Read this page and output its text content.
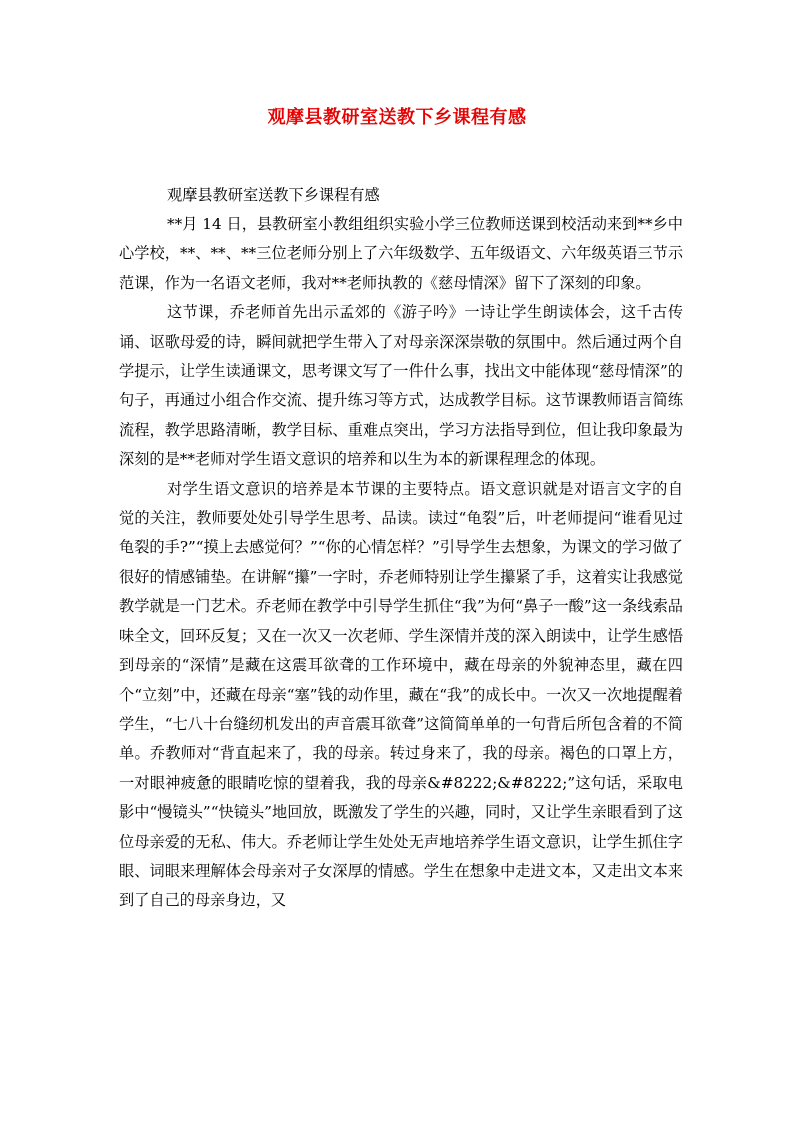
观摩县教研室送教下乡课程有感

观摩县教研室送教下乡课程有感

**月 14 日，县教研室小教组组织实验小学三位教师送课到校活动来到**乡中心学校，**、**、**三位老师分别上了六年级数学、五年级语文、六年级英语三节示范课，作为一名语文老师，我对**老师执教的《慈母情深》留下了深刻的印象。

这节课，乔老师首先出示孟郊的《游子吟》一诗让学生朗读体会，这千古传诵、讴歌母爱的诗，瞬间就把学生带入了对母亲深深崇敬的氛围中。然后通过两个自学提示，让学生读通课文，思考课文写了一件什么事，找出文中能体现“慈母情深”的句子，再通过小组合作交流、提升练习等方式，达成教学目标。这节课教师语言简练流程，教学思路清晰，教学目标、重难点突出，学习方法指导到位，但让我印象最为深刻的是**老师对学生语文意识的培养和以生为本的新课程理念的体现。

对学生语文意识的培养是本节课的主要特点。语文意识就是对语言文字的自觉的关注，教师要处处引导学生思考、品读。读过“龟裂”后，叶老师提问“谁看见过龟裂的手?”“摸上去感觉何？”“你的心情怎样？”引导学生去想象，为课文的学习做了很好的情感铺垫。在讲解“攥”一字时，乔老师特别让学生攥紧了手，这着实让我感觉教学就是一门艺术。乔老师在教学中引导学生抓住“我”为何“鼻子一酸”这一条线索品味全文，回环反复；又在一次又一次老师、学生深情并茂的深入朗读中，让学生感悟到母亲的“深情”是藏在这震耳欲聋的工作环境中，藏在母亲的外貌神态里，藏在四个“立刻”中，还藏在母亲“塞”钱的动作里，藏在“我”的成长中。一次又一次地提醒着学生，“七八十台缝纫机发出的声音震耳欲聋”这简简单单的一句背后所包含着的不简单。乔教师对“背直起来了，我的母亲。转过身来了，我的母亲。褐色的口罩上方，一对眼神疲惫的眼睛吃惊的望着我，我的母亲&#8222;&#8222;”这句话，采取电影中“慢镜头”“快镜头”地回放，既激发了学生的兴趣，同时，又让学生亲眼看到了这位母亲爱的无私、伟大。乔老师让学生处处无声地培养学生语文意识，让学生抓住字眼、词眼来理解体会母亲对子女深厚的情感。学生在想象中走进文本，又走出文本来到了自己的母亲身边，又
